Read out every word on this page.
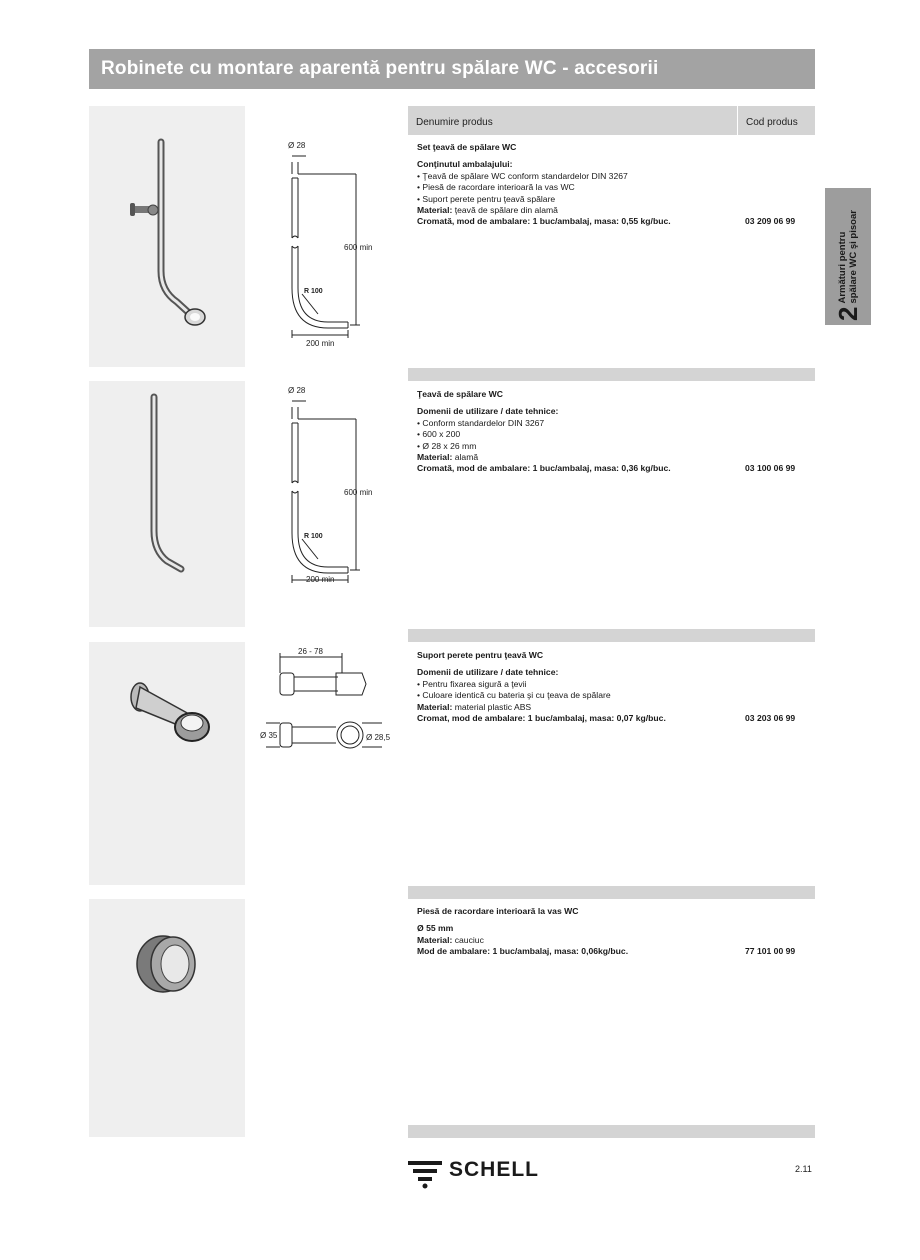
Robinete cu montare aparentă pentru spălare WC - accesorii
2
Armături pentru spălare WC şi pisoar
Ø 28
600 min
R 100
200 min
Ø 28
600 min
R 100
200 min
26 - 78
Ø 35	Ø 28,5
Denumire produs	Cod produs
Set ţeavă de spălare WC
Conţinutul ambalajului:
• Ţeavă de spălare WC conform standardelor DIN 3267
• Piesă de racordare interioară la vas WC
• Suport perete pentru ţeavă spălare
Material: ţeavă de spălare din alamă
Cromată, mod de ambalare: 1 buc/ambalaj, masa: 0,55 kg/buc.	03 209 06 99
Ţeavă de spălare WC
Domenii de utilizare / date tehnice:
• Conform standardelor DIN 3267
• 600 x 200
• Ø 28 x 26 mm
Material: alamă
Cromată, mod de ambalare: 1 buc/ambalaj, masa: 0,36 kg/buc.	03 100 06 99
Suport perete pentru ţeavă WC
Domenii de utilizare / date tehnice:
• Pentru fixarea sigură a ţevii
• Culoare identică cu bateria şi cu ţeava de spălare
Material: material plastic ABS
Cromat, mod de ambalare: 1 buc/ambalaj, masa: 0,07 kg/buc.	03 203 06 99
Piesă de racordare interioară la vas WC
Ø 55 mm
Material: cauciuc
Mod de ambalare: 1 buc/ambalaj, masa: 0,06kg/buc.	77 101 00 99
SCHELL	2.11
